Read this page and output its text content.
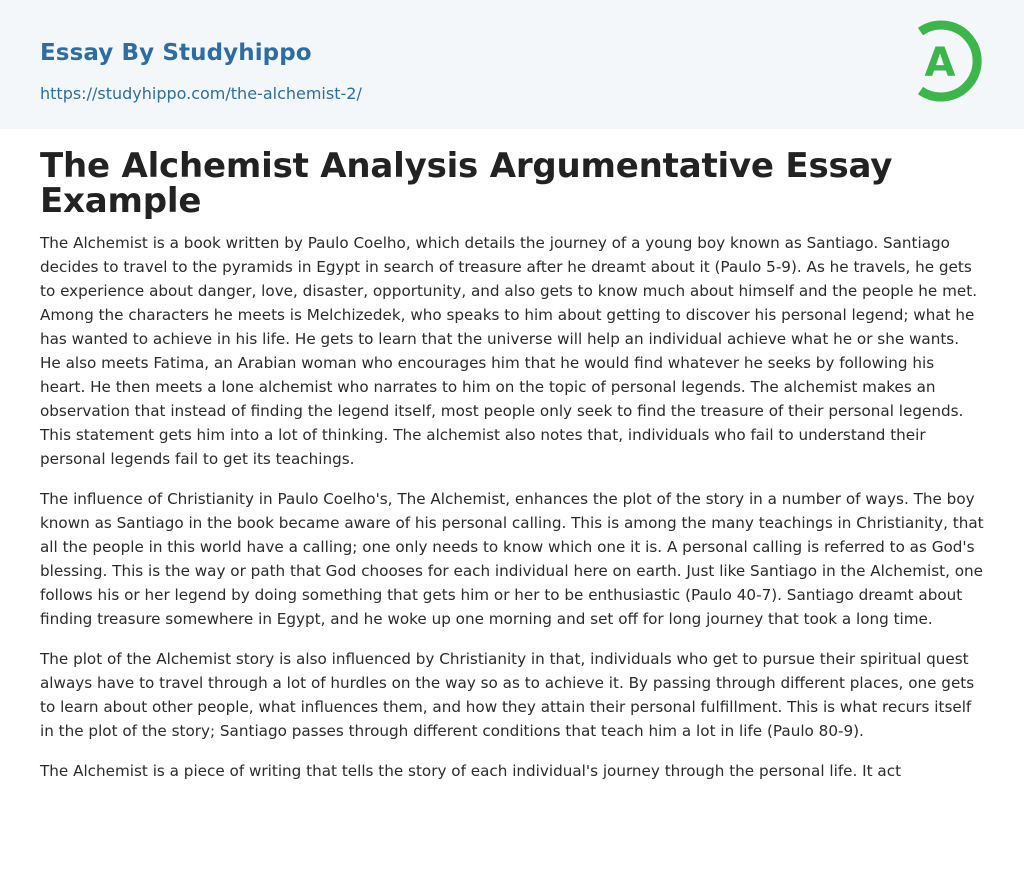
Essay By Studyhippo
https://studyhippo.com/the-alchemist-2/
A
The Alchemist Analysis Argumentative Essay Example

The Alchemist is a book written by Paulo Coelho, which details the journey of a young boy known as Santiago. Santiago decides to travel to the pyramids in Egypt in search of treasure after he dreamt about it (Paulo 5-9). As he travels, he gets to experience about danger, love, disaster, opportunity, and also gets to know much about himself and the people he met. Among the characters he meets is Melchizedek, who speaks to him about getting to discover his personal legend; what he has wanted to achieve in his life. He gets to learn that the universe will help an individual achieve what he or she wants. He also meets Fatima, an Arabian woman who encourages him that he would find whatever he seeks by following his heart. He then meets a lone alchemist who narrates to him on the topic of personal legends. The alchemist makes an observation that instead of finding the legend itself, most people only seek to find the treasure of their personal legends. This statement gets him into a lot of thinking. The alchemist also notes that, individuals who fail to understand their personal legends fail to get its teachings.

The influence of Christianity in Paulo Coelho's, The Alchemist, enhances the plot of the story in a number of ways. The boy known as Santiago in the book became aware of his personal calling. This is among the many teachings in Christianity, that all the people in this world have a calling; one only needs to know which one it is. A personal calling is referred to as God's blessing. This is the way or path that God chooses for each individual here on earth. Just like Santiago in the Alchemist, one follows his or her legend by doing something that gets him or her to be enthusiastic (Paulo 40-7). Santiago dreamt about finding treasure somewhere in Egypt, and he woke up one morning and set off for long journey that took a long time.

The plot of the Alchemist story is also influenced by Christianity in that, individuals who get to pursue their spiritual quest always have to travel through a lot of hurdles on the way so as to achieve it. By passing through different places, one gets to learn about other people, what influences them, and how they attain their personal fulfillment. This is what recurs itself in the plot of the story; Santiago passes through different conditions that teach him a lot in life (Paulo 80-9).

The Alchemist is a piece of writing that tells the story of each individual's journey through the personal life. It act
